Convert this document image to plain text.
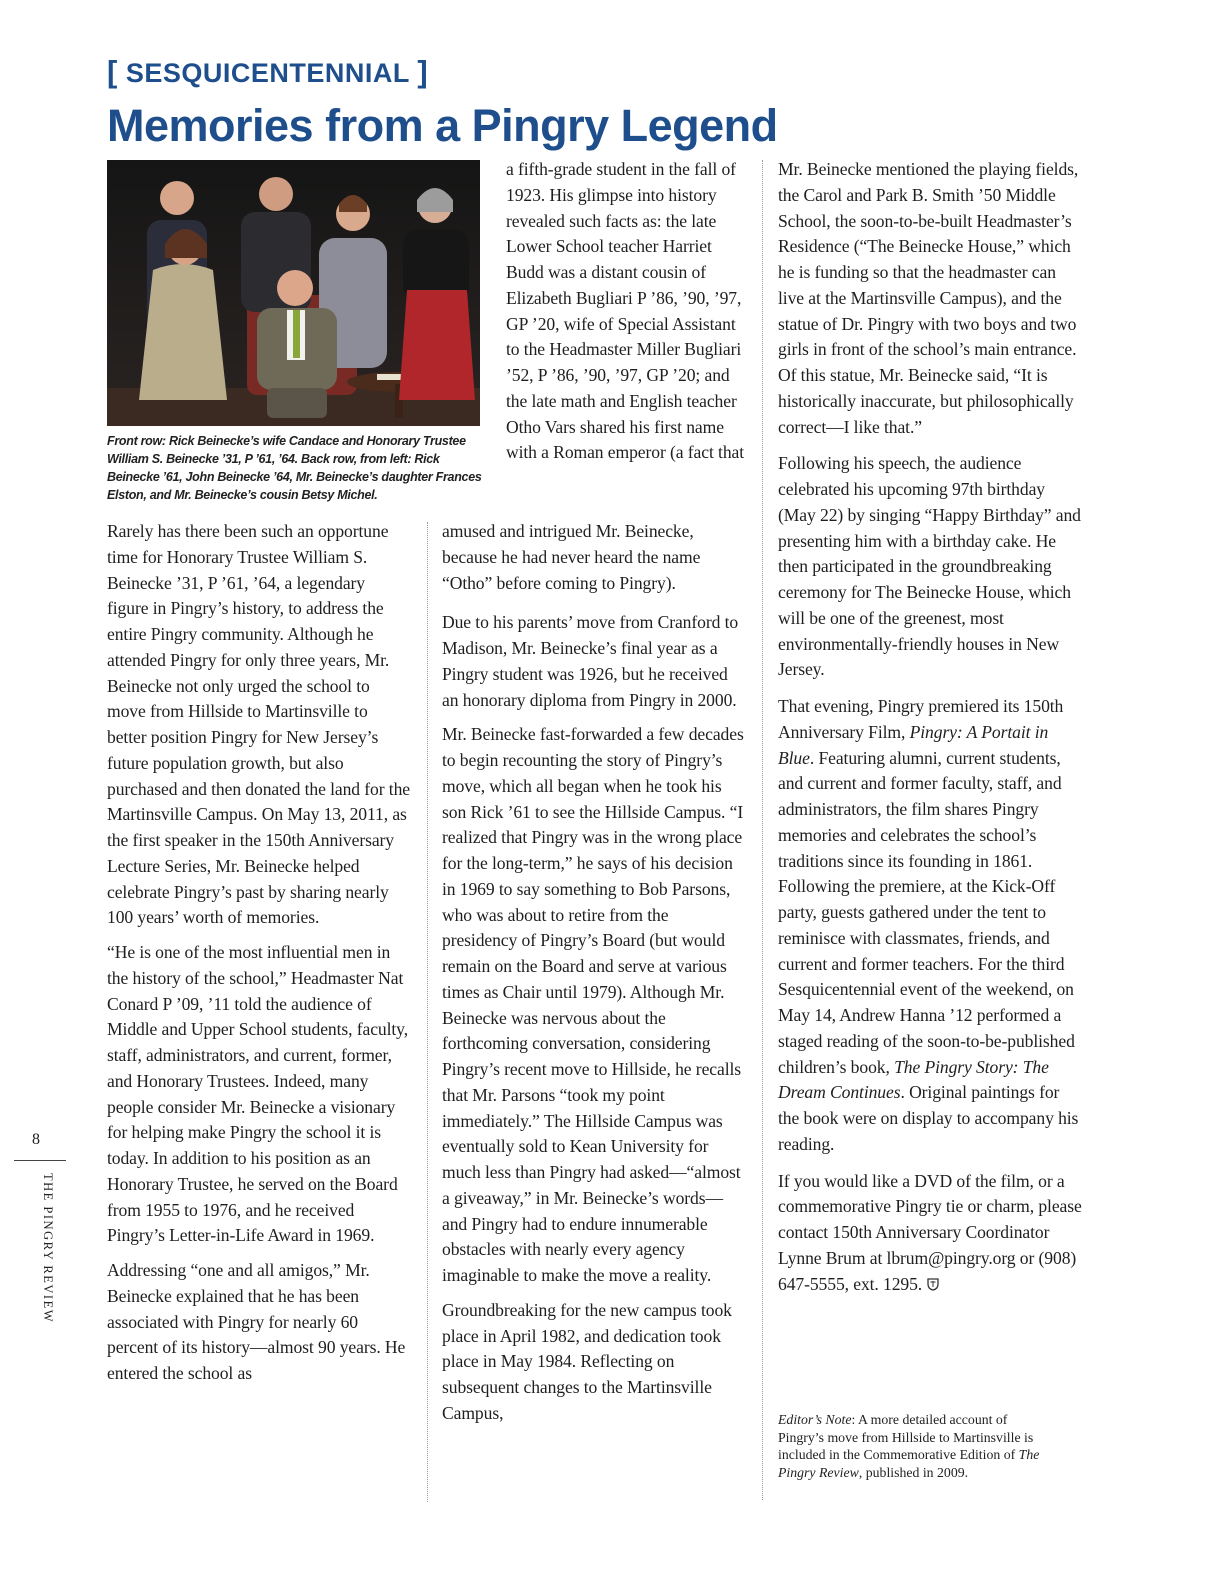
[ SESQUICENTENNIAL ]
Memories from a Pingry Legend
Front row: Rick Beinecke’s wife Candace and Honorary Trustee William S. Beinecke ’31, P ’61, ’64. Back row, from left: Rick Beinecke ’61, John Beinecke ’64, Mr. Beinecke’s daughter Frances Elston, and Mr. Beinecke’s cousin Betsy Michel.

a fifth-grade student in the fall of 1923. His glimpse into history revealed such facts as: the late Lower School teacher Harriet Budd was a distant cousin of Elizabeth Bugliari P ’86, ’90, ’97, GP ’20, wife of Special Assistant to the Headmaster Miller Bugliari ’52, P ’86, ’90, ’97, GP ’20; and the late math and English teacher Otho Vars shared his first name with a Roman emperor (a fact that

Rarely has there been such an opportune time for Honorary Trustee William S. Beinecke ’31, P ’61, ’64, a legendary figure in Pingry’s history, to address the entire Pingry community. Although he attended Pingry for only three years, Mr. Beinecke not only urged the school to move from Hillside to Martinsville to better position Pingry for New Jersey’s future population growth, but also purchased and then donated the land for the Martinsville Campus. On May 13, 2011, as the first speaker in the 150th Anniversary Lecture Series, Mr. Beinecke helped celebrate Pingry’s past by sharing nearly 100 years’ worth of memories.

“He is one of the most influential men in the history of the school,” Headmaster Nat Conard P ’09, ’11 told the audience of Middle and Upper School students, faculty, staff, administrators, and current, former, and Honorary Trustees. Indeed, many people consider Mr. Beinecke a visionary for helping make Pingry the school it is today. In addition to his position as an Honorary Trustee, he served on the Board from 1955 to 1976, and he received Pingry’s Letter-in-Life Award in 1969.

Addressing “one and all amigos,” Mr. Beinecke explained that he has been associated with Pingry for nearly 60 percent of its history—almost 90 years. He entered the school as

amused and intrigued Mr. Beinecke, because he had never heard the name “Otho” before coming to Pingry).

Due to his parents’ move from Cranford to Madison, Mr. Beinecke’s final year as a Pingry student was 1926, but he received an honorary diploma from Pingry in 2000.

Mr. Beinecke fast-forwarded a few decades to begin recounting the story of Pingry’s move, which all began when he took his son Rick ’61 to see the Hillside Campus. “I realized that Pingry was in the wrong place for the long-term,” he says of his decision in 1969 to say something to Bob Parsons, who was about to retire from the presidency of Pingry’s Board (but would remain on the Board and serve at various times as Chair until 1979). Although Mr. Beinecke was nervous about the forthcoming conversation, considering Pingry’s recent move to Hillside, he recalls that Mr. Parsons “took my point immediately.” The Hillside Campus was eventually sold to Kean University for much less than Pingry had asked—“almost a giveaway,” in Mr. Beinecke’s words—and Pingry had to endure innumerable obstacles with nearly every agency imaginable to make the move a reality.

Groundbreaking for the new campus took place in April 1982, and dedication took place in May 1984. Reflecting on subsequent changes to the Martinsville Campus,

Mr. Beinecke mentioned the playing fields, the Carol and Park B. Smith ’50 Middle School, the soon-to-be-built Headmaster’s Residence (“The Beinecke House,” which he is funding so that the headmaster can live at the Martinsville Campus), and the statue of Dr. Pingry with two boys and two girls in front of the school’s main entrance. Of this statue, Mr. Beinecke said, “It is historically inaccurate, but philosophically correct—I like that.”

Following his speech, the audience celebrated his upcoming 97th birthday (May 22) by singing “Happy Birthday” and presenting him with a birthday cake. He then participated in the groundbreaking ceremony for The Beinecke House, which will be one of the greenest, most environmentally-friendly houses in New Jersey.

That evening, Pingry premiered its 150th Anniversary Film, Pingry: A Portait in Blue. Featuring alumni, current students, and current and former faculty, staff, and administrators, the film shares Pingry memories and celebrates the school’s traditions since its founding in 1861. Following the premiere, at the Kick-Off party, guests gathered under the tent to reminisce with classmates, friends, and current and former teachers. For the third Sesquicentennial event of the weekend, on May 14, Andrew Hanna ’12 performed a staged reading of the soon-to-be-published children’s book, The Pingry Story: The Dream Continues. Original paintings for the book were on display to accompany his reading.

If you would like a DVD of the film, or a commemorative Pingry tie or charm, please contact 150th Anniversary Coordinator Lynne Brum at lbrum@pingry.org or (908) 647-5555, ext. 1295.

Editor’s Note: A more detailed account of Pingry’s move from Hillside to Martinsville is included in the Commemorative Edition of The Pingry Review, published in 2009.
8
THE PINGRY REVIEW
